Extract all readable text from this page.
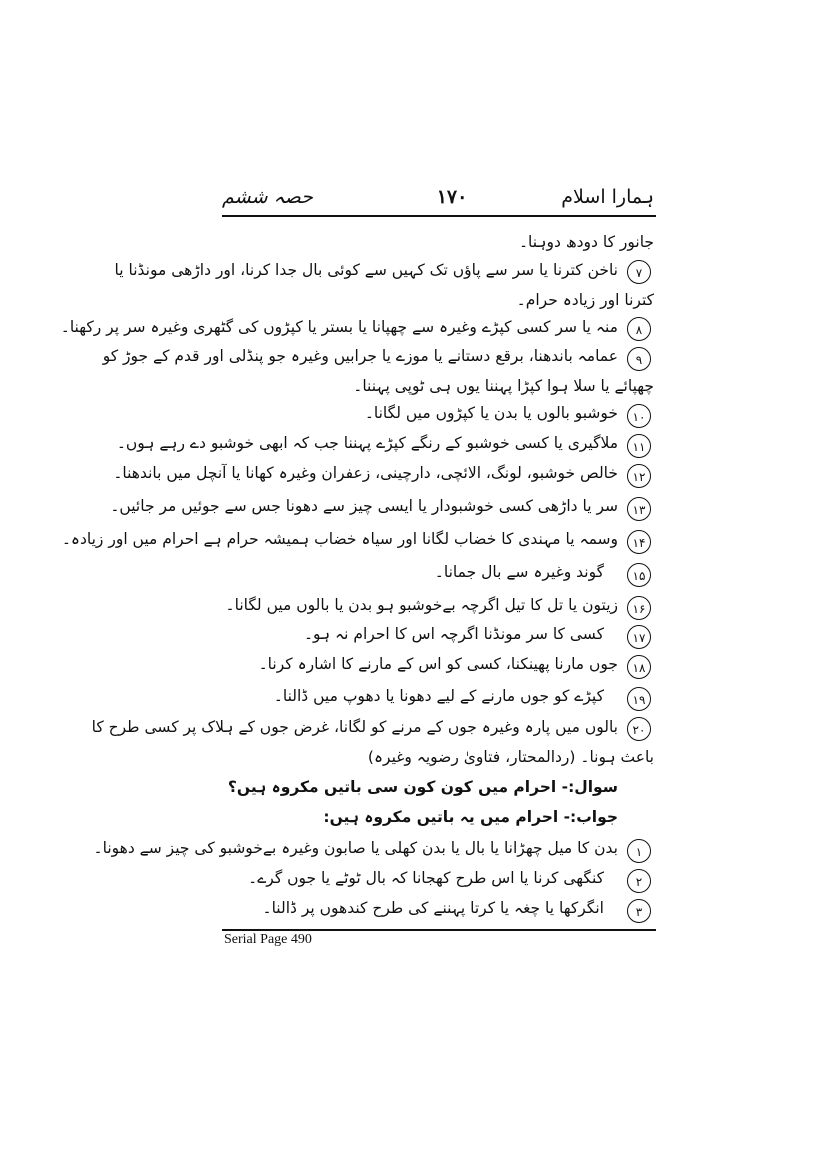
حصہ ششم	۱۷۰	ہمارا اسلام
جانور کا دودھ دوہنا۔
۷
ناخن کترنا یا سر سے پاؤں تک کہیں سے کوئی بال جدا کرنا، اور داڑھی مونڈنا یا
کترنا اور زیادہ حرام۔
۸
منہ یا سر کسی کپڑے وغیرہ سے چھپانا یا بستر یا کپڑوں کی گٹھری وغیرہ سر پر رکھنا۔
۹
عمامہ باندھنا، برقع دستانے یا موزے یا جرابیں وغیرہ جو پنڈلی اور قدم کے جوڑ کو
چھپائے یا سلا ہوا کپڑا پہننا یوں ہی ٹوپی پہننا۔
۱۰
خوشبو بالوں یا بدن یا کپڑوں میں لگانا۔
۱۱
ملاگیری یا کسی خوشبو کے رنگے کپڑے پہننا جب کہ ابھی خوشبو دے رہے ہوں۔
۱۲
خالص خوشبو، لونگ، الائچی، دارچینی، زعفران وغیرہ کھانا یا آنچل میں باندھنا۔
۱۳
سر یا داڑھی کسی خوشبودار یا ایسی چیز سے دھونا جس سے جوئیں مر جائیں۔
۱۴
وسمہ یا مہندی کا خضاب لگانا اور سیاہ خضاب ہمیشہ حرام ہے احرام میں اور زیادہ۔
۱۵
گوند وغیرہ سے بال جمانا۔
۱۶
زیتون یا تل کا تیل اگرچہ بےخوشبو ہو بدن یا بالوں میں لگانا۔
۱۷
کسی کا سر مونڈنا اگرچہ اس کا احرام نہ ہو۔
۱۸
جوں مارنا پھینکنا، کسی کو اس کے مارنے کا اشارہ کرنا۔
۱۹
کپڑے کو جوں مارنے کے لیے دھونا یا دھوپ میں ڈالنا۔
۲۰
بالوں میں پارہ وغیرہ جوں کے مرنے کو لگانا، غرض جوں کے ہلاک پر کسی طرح کا
باعث ہونا۔ (ردالمحتار، فتاویٰ رضویہ وغیرہ)
سوال:- احرام میں کون کون سی باتیں مکروہ ہیں؟
جواب:- احرام میں یہ باتیں مکروہ ہیں:
۱
بدن کا میل چھڑانا یا بال یا بدن کھلی یا صابون وغیرہ بےخوشبو کی چیز سے دھونا۔
۲
کنگھی کرنا یا اس طرح کھجانا کہ بال ٹوٹے یا جوں گرے۔
۳
انگرکھا یا چغہ یا کرتا پہننے کی طرح کندھوں پر ڈالنا۔
Serial Page 490
